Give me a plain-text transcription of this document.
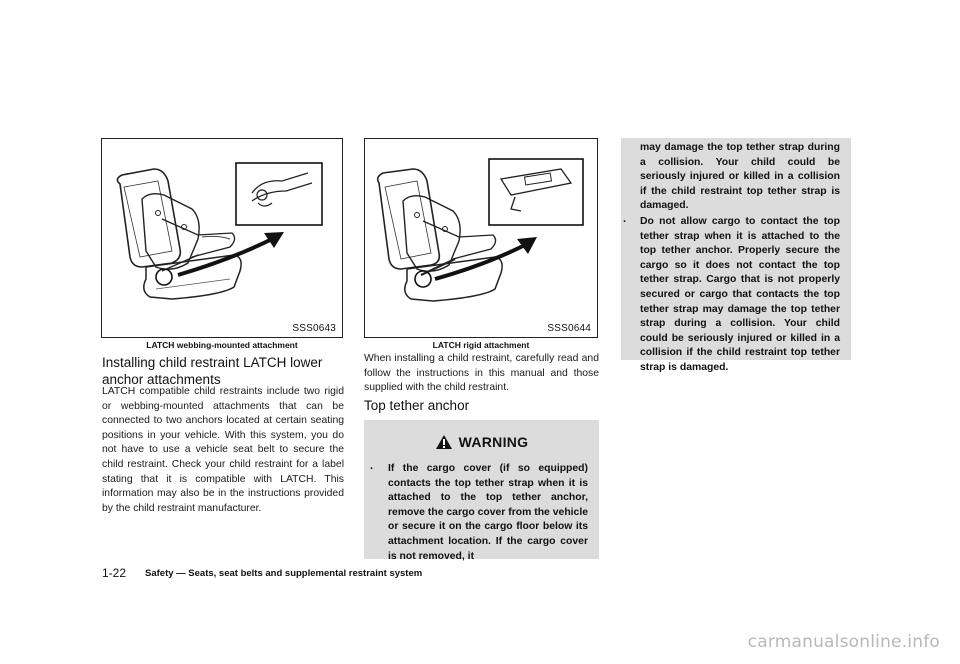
SSS0643
LATCH webbing-mounted attachment
Installing child restraint LATCH lower anchor attachments

LATCH compatible child restraints include two rigid or webbing-mounted attachments that can be connected to two anchors located at certain seating positions in your vehicle. With this system, you do not have to use a vehicle seat belt to secure the child restraint. Check your child restraint for a label stating that it is compatible with LATCH. This information may also be in the instructions provided by the child restraint manufacturer.

SSS0644
LATCH rigid attachment

When installing a child restraint, carefully read and follow the instructions in this manual and those supplied with the child restraint.

Top tether anchor
WARNING
. If the cargo cover (if so equipped) contacts the top tether strap when it is attached to the top tether anchor, remove the cargo cover from the vehicle or secure it on the cargo floor below its attachment location. If the cargo cover is not removed, it

may damage the top tether strap during a collision. Your child could be seriously injured or killed in a collision if the child restraint top tether strap is damaged.

. Do not allow cargo to contact the top tether strap when it is attached to the top tether anchor. Properly secure the cargo so it does not contact the top tether strap. Cargo that is not properly secured or cargo that contacts the top tether strap may damage the top tether strap during a collision. Your child could be seriously injured or killed in a collision if the child restraint top tether strap is damaged.

1-22 Safety — Seats, seat belts and supplemental restraint system
carmanualsonline.info
